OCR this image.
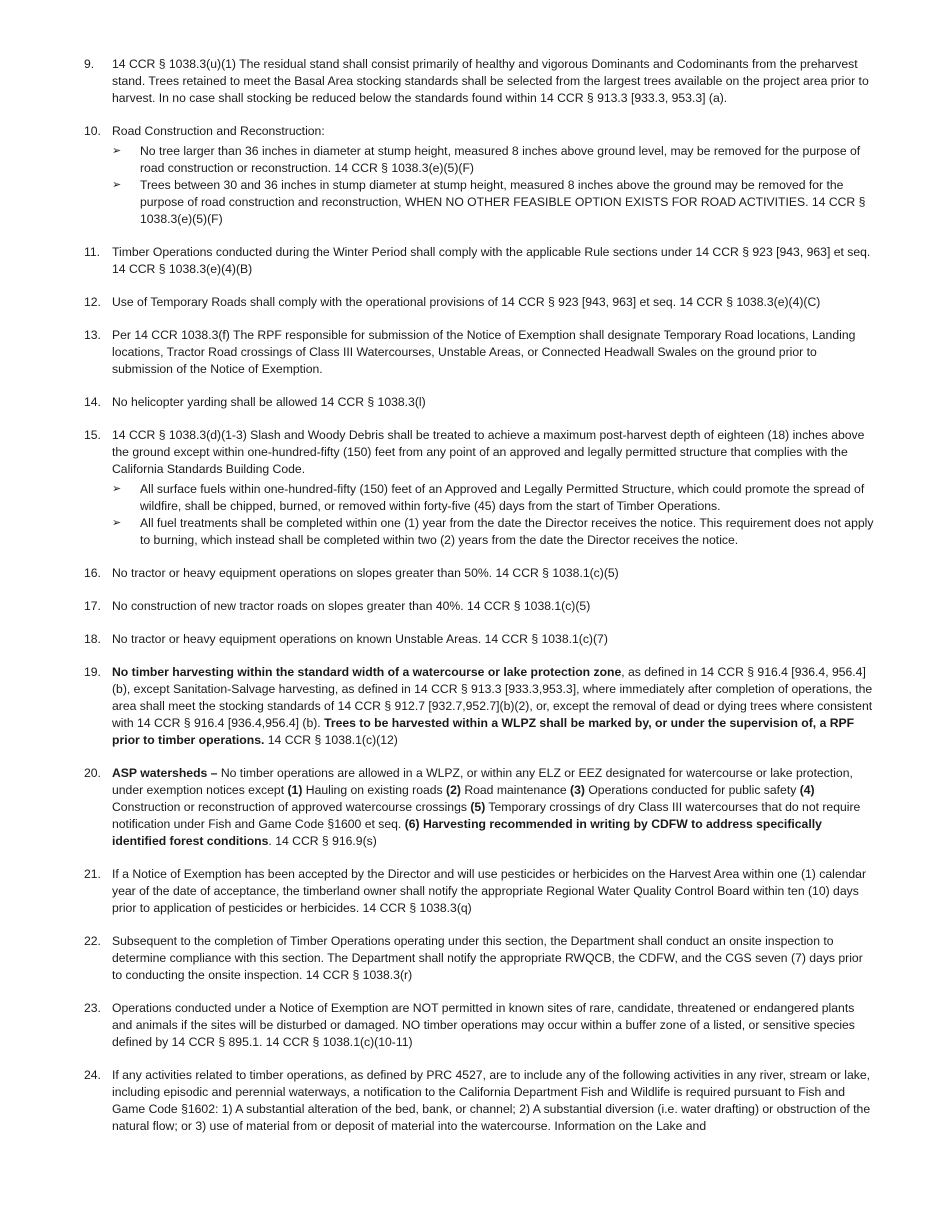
9. 14 CCR § 1038.3(u)(1) The residual stand shall consist primarily of healthy and vigorous Dominants and Codominants from the preharvest stand. Trees retained to meet the Basal Area stocking standards shall be selected from the largest trees available on the project area prior to harvest. In no case shall stocking be reduced below the standards found within 14 CCR § 913.3 [933.3, 953.3] (a).
10. Road Construction and Reconstruction:
➢ No tree larger than 36 inches in diameter at stump height, measured 8 inches above ground level, may be removed for the purpose of road construction or reconstruction. 14 CCR § 1038.3(e)(5)(F)
➢ Trees between 30 and 36 inches in stump diameter at stump height, measured 8 inches above the ground may be removed for the purpose of road construction and reconstruction, WHEN NO OTHER FEASIBLE OPTION EXISTS FOR ROAD ACTIVITIES. 14 CCR § 1038.3(e)(5)(F)
11. Timber Operations conducted during the Winter Period shall comply with the applicable Rule sections under 14 CCR § 923 [943, 963] et seq. 14 CCR § 1038.3(e)(4)(B)
12. Use of Temporary Roads shall comply with the operational provisions of 14 CCR § 923 [943, 963] et seq. 14 CCR § 1038.3(e)(4)(C)
13. Per 14 CCR 1038.3(f) The RPF responsible for submission of the Notice of Exemption shall designate Temporary Road locations, Landing locations, Tractor Road crossings of Class III Watercourses, Unstable Areas, or Connected Headwall Swales on the ground prior to submission of the Notice of Exemption.
14. No helicopter yarding shall be allowed 14 CCR § 1038.3(l)
15. 14 CCR § 1038.3(d)(1-3) Slash and Woody Debris shall be treated to achieve a maximum post-harvest depth of eighteen (18) inches above the ground except within one-hundred-fifty (150) feet from any point of an approved and legally permitted structure that complies with the California Standards Building Code.
➢ All surface fuels within one-hundred-fifty (150) feet of an Approved and Legally Permitted Structure, which could promote the spread of wildfire, shall be chipped, burned, or removed within forty-five (45) days from the start of Timber Operations.
➢ All fuel treatments shall be completed within one (1) year from the date the Director receives the notice. This requirement does not apply to burning, which instead shall be completed within two (2) years from the date the Director receives the notice.
16. No tractor or heavy equipment operations on slopes greater than 50%. 14 CCR § 1038.1(c)(5)
17. No construction of new tractor roads on slopes greater than 40%. 14 CCR § 1038.1(c)(5)
18. No tractor or heavy equipment operations on known Unstable Areas. 14 CCR § 1038.1(c)(7)
19. No timber harvesting within the standard width of a watercourse or lake protection zone, as defined in 14 CCR § 916.4 [936.4, 956.4](b), except Sanitation-Salvage harvesting, as defined in 14 CCR § 913.3 [933.3,953.3], where immediately after completion of operations, the area shall meet the stocking standards of 14 CCR § 912.7 [932.7,952.7](b)(2), or, except the removal of dead or dying trees where consistent with 14 CCR § 916.4 [936.4,956.4] (b). Trees to be harvested within a WLPZ shall be marked by, or under the supervision of, a RPF prior to timber operations. 14 CCR § 1038.1(c)(12)
20. ASP watersheds – No timber operations are allowed in a WLPZ, or within any ELZ or EEZ designated for watercourse or lake protection, under exemption notices except (1) Hauling on existing roads (2) Road maintenance (3) Operations conducted for public safety (4) Construction or reconstruction of approved watercourse crossings (5) Temporary crossings of dry Class III watercourses that do not require notification under Fish and Game Code §1600 et seq. (6) Harvesting recommended in writing by CDFW to address specifically identified forest conditions. 14 CCR § 916.9(s)
21. If a Notice of Exemption has been accepted by the Director and will use pesticides or herbicides on the Harvest Area within one (1) calendar year of the date of acceptance, the timberland owner shall notify the appropriate Regional Water Quality Control Board within ten (10) days prior to application of pesticides or herbicides. 14 CCR § 1038.3(q)
22. Subsequent to the completion of Timber Operations operating under this section, the Department shall conduct an onsite inspection to determine compliance with this section. The Department shall notify the appropriate RWQCB, the CDFW, and the CGS seven (7) days prior to conducting the onsite inspection. 14 CCR § 1038.3(r)
23. Operations conducted under a Notice of Exemption are NOT permitted in known sites of rare, candidate, threatened or endangered plants and animals if the sites will be disturbed or damaged. NO timber operations may occur within a buffer zone of a listed, or sensitive species defined by 14 CCR § 895.1. 14 CCR § 1038.1(c)(10-11)
24. If any activities related to timber operations, as defined by PRC 4527, are to include any of the following activities in any river, stream or lake, including episodic and perennial waterways, a notification to the California Department Fish and Wildlife is required pursuant to Fish and Game Code §1602: 1) A substantial alteration of the bed, bank, or channel; 2) A substantial diversion (i.e. water drafting) or obstruction of the natural flow; or 3) use of material from or deposit of material into the watercourse. Information on the Lake and
